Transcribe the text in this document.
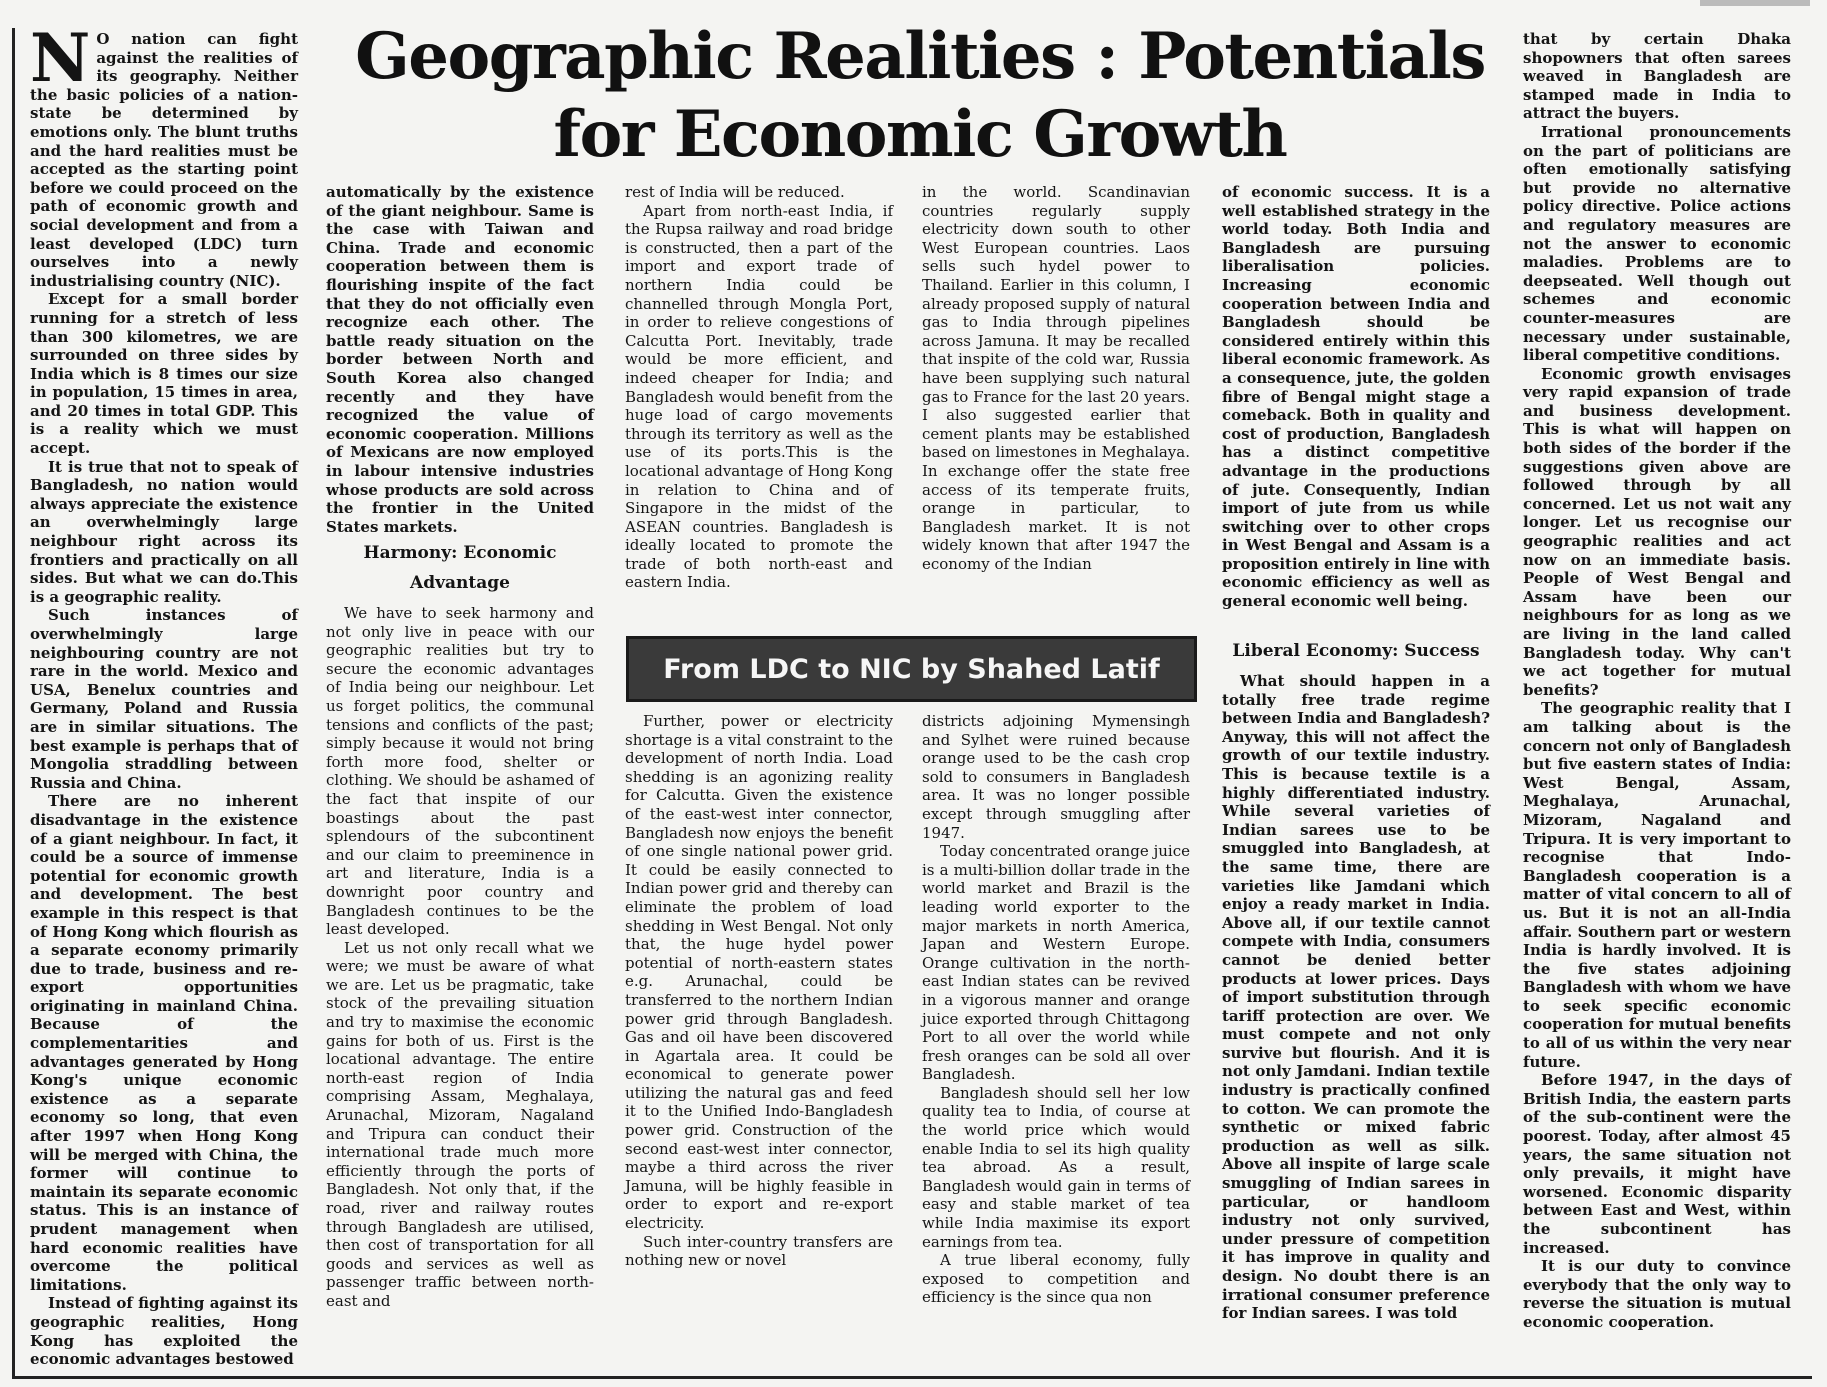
Geographic Realities : Potentials
for Economic Growth
N O nation can fight against the realities of its geography. Neither the basic policies of a nation-state be determined by emotions only. The blunt truths and the hard realities must be accepted as the starting point before we could proceed on the path of economic growth and social development and from a least developed (LDC) turn ourselves into a newly industrialising country (NIC).

Except for a small border running for a stretch of less than 300 kilometres, we are surrounded on three sides by India which is 8 times our size in population, 15 times in area, and 20 times in total GDP. This is a reality which we must accept.

It is true that not to speak of Bangladesh, no nation would always appreciate the existence an overwhelmingly large neighbour right across its frontiers and practically on all sides. But what we can do.This is a geographic reality.

Such instances of overwhelmingly large neighbouring country are not rare in the world. Mexico and USA, Benelux countries and Germany, Poland and Russia are in similar situations. The best example is perhaps that of Mongolia straddling between Russia and China.

There are no inherent disadvantage in the existence of a giant neighbour. In fact, it could be a source of immense potential for economic growth and development. The best example in this respect is that of Hong Kong which flourish as a separate economy primarily due to trade, business and re-export opportunities originating in mainland China. Because of the complementarities and advantages generated by Hong Kong's unique economic existence as a separate economy so long, that even after 1997 when Hong Kong will be merged with China, the former will continue to maintain its separate economic status. This is an instance of prudent management when hard economic realities have overcome the political limitations.

Instead of fighting against its geographic realities, Hong Kong has exploited the economic advantages bestowed

automatically by the existence of the giant neighbour. Same is the case with Taiwan and China. Trade and economic cooperation between them is flourishing inspite of the fact that they do not officially even recognize each other. The battle ready situation on the border between North and South Korea also changed recently and they have recognized the value of economic cooperation. Millions of Mexicans are now employed in labour intensive industries whose products are sold across the frontier in the United States markets.

Harmony: Economic Advantage

We have to seek harmony and not only live in peace with our geographic realities but try to secure the economic advantages of India being our neighbour. Let us forget politics, the communal tensions and conflicts of the past; simply because it would not bring forth more food, shelter or clothing. We should be ashamed of the fact that inspite of our boastings about the past splendours of the subcontinent and our claim to preeminence in art and literature, India is a downright poor country and Bangladesh continues to be the least developed.

Let us not only recall what we were; we must be aware of what we are. Let us be pragmatic, take stock of the prevailing situation and try to maximise the economic gains for both of us. First is the locational advantage. The entire north-east region of India comprising Assam, Meghalaya, Arunachal, Mizoram, Nagaland and Tripura can conduct their international trade much more efficiently through the ports of Bangladesh. Not only that, if the road, river and railway routes through Bangladesh are utilised, then cost of transportation for all goods and services as well as passenger traffic between north-east and

rest of India will be reduced.

Apart from north-east India, if the Rupsa railway and road bridge is constructed, then a part of the import and export trade of northern India could be channelled through Mongla Port, in order to relieve congestions of Calcutta Port. Inevitably, trade would be more efficient, and indeed cheaper for India; and Bangladesh would benefit from the huge load of cargo movements through its territory as well as the use of its ports.This is the locational advantage of Hong Kong in relation to China and of Singapore in the midst of the ASEAN countries. Bangladesh is ideally located to promote the trade of both north-east and eastern India.

Further, power or electricity shortage is a vital constraint to the development of north India. Load shedding is an agonizing reality for Calcutta. Given the existence of the east-west inter connector, Bangladesh now enjoys the benefit of one single national power grid. It could be easily connected to Indian power grid and thereby can eliminate the problem of load shedding in West Bengal. Not only that, the huge hydel power potential of north-eastern states e.g. Arunachal, could be transferred to the northern Indian power grid through Bangladesh. Gas and oil have been discovered in Agartala area. It could be economical to generate power utilizing the natural gas and feed it to the Unified Indo-Bangladesh power grid. Construction of the second east-west inter connector, maybe a third across the river Jamuna, will be highly feasible in order to export and re-export electricity.

Such inter-country transfers are nothing new or novel

in the world. Scandinavian countries regularly supply electricity down south to other West European countries. Laos sells such hydel power to Thailand. Earlier in this column, I already proposed supply of natural gas to India through pipelines across Jamuna. It may be recalled that inspite of the cold war, Russia have been supplying such natural gas to France for the last 20 years. I also suggested earlier that cement plants may be established based on limestones in Meghalaya. In exchange offer the state free access of its temperate fruits, orange in particular, to Bangladesh market. It is not widely known that after 1947 the economy of the Indian

districts adjoining Mymensingh and Sylhet were ruined because orange used to be the cash crop sold to consumers in Bangladesh area. It was no longer possible except through smuggling after 1947.

Today concentrated orange juice is a multi-billion dollar trade in the world market and Brazil is the leading world exporter to the major markets in north America, Japan and Western Europe. Orange cultivation in the north-east Indian states can be revived in a vigorous manner and orange juice exported through Chittagong Port to all over the world while fresh oranges can be sold all over Bangladesh.

Bangladesh should sell her low quality tea to India, of course at the world price which would enable India to sel its high quality tea abroad. As a result, Bangladesh would gain in terms of easy and stable market of tea while India maximise its export earnings from tea.

A true liberal economy, fully exposed to competition and efficiency is the since qua non

From LDC to NIC by Shahed Latif

of economic success. It is a well established strategy in the world today. Both India and Bangladesh are pursuing liberalisation policies. Increasing economic cooperation between India and Bangladesh should be considered entirely within this liberal economic framework. As a consequence, jute, the golden fibre of Bengal might stage a comeback. Both in quality and cost of production, Bangladesh has a distinct competitive advantage in the productions of jute. Consequently, Indian import of jute from us while switching over to other crops in West Bengal and Assam is a proposition entirely in line with economic efficiency as well as general economic well being.

Liberal Economy: Success

What should happen in a totally free trade regime between India and Bangladesh? Anyway, this will not affect the growth of our textile industry. This is because textile is a highly differentiated industry. While several varieties of Indian sarees use to be smuggled into Bangladesh, at the same time, there are varieties like Jamdani which enjoy a ready market in India. Above all, if our textile cannot compete with India, consumers cannot be denied better products at lower prices. Days of import substitution through tariff protection are over. We must compete and not only survive but flourish. And it is not only Jamdani. Indian textile industry is practically confined to cotton. We can promote the synthetic or mixed fabric production as well as silk. Above all inspite of large scale smuggling of Indian sarees in particular, or handloom industry not only survived, under pressure of competition it has improve in quality and design. No doubt there is an irrational consumer preference for Indian sarees. I was told

that by certain Dhaka shopowners that often sarees weaved in Bangladesh are stamped made in India to attract the buyers.

Irrational pronouncements on the part of politicians are often emotionally satisfying but provide no alternative policy directive. Police actions and regulatory measures are not the answer to economic maladies. Problems are to deepseated. Well though out schemes and economic counter-measures are necessary under sustainable, liberal competitive conditions.

Economic growth envisages very rapid expansion of trade and business development. This is what will happen on both sides of the border if the suggestions given above are followed through by all concerned. Let us not wait any longer. Let us recognise our geographic realities and act now on an immediate basis. People of West Bengal and Assam have been our neighbours for as long as we are living in the land called Bangladesh today. Why can't we act together for mutual benefits?

The geographic reality that I am talking about is the concern not only of Bangladesh but five eastern states of India: West Bengal, Assam, Meghalaya, Arunachal, Mizoram, Nagaland and Tripura. It is very important to recognise that Indo-Bangladesh cooperation is a matter of vital concern to all of us. But it is not an all-India affair. Southern part or western India is hardly involved. It is the five states adjoining Bangladesh with whom we have to seek specific economic cooperation for mutual benefits to all of us within the very near future.

Before 1947, in the days of British India, the eastern parts of the sub-continent were the poorest. Today, after almost 45 years, the same situation not only prevails, it might have worsened. Economic disparity between East and West, within the subcontinent has increased.

It is our duty to convince everybody that the only way to reverse the situation is mutual economic cooperation.
